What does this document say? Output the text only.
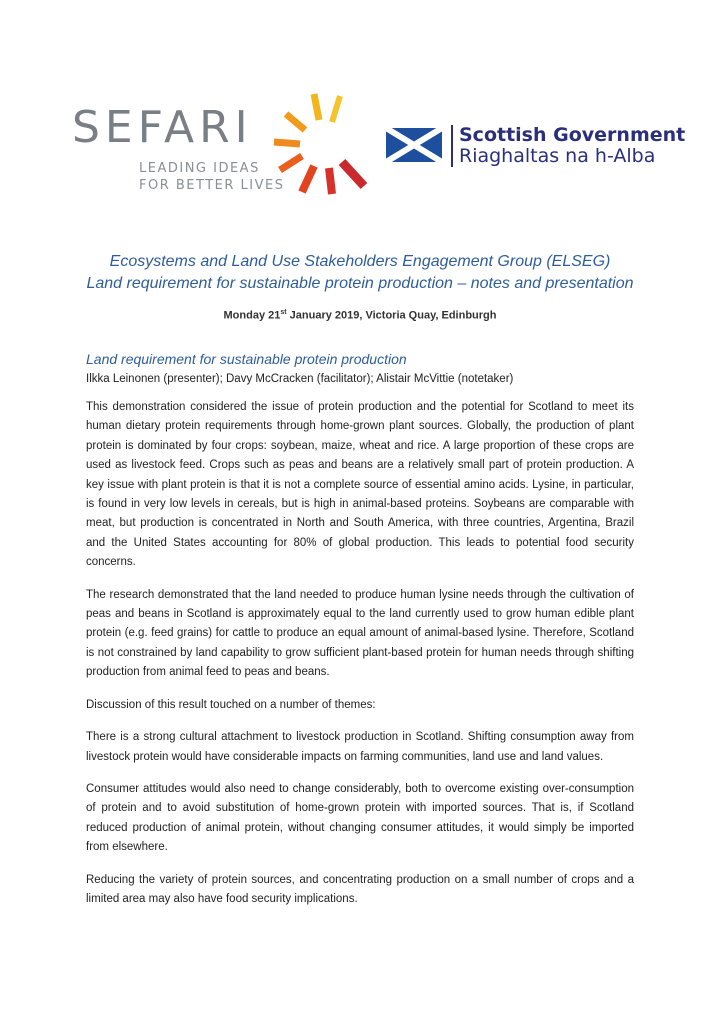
SEFARI
LEADING IDEAS
FOR BETTER LIVES
Scottish Government
Riaghaltas na h-Alba
Ecosystems and Land Use Stakeholders Engagement Group (ELSEG)
Land requirement for sustainable protein production – notes and presentation
Monday 21st January 2019, Victoria Quay, Edinburgh
Land requirement for sustainable protein production
Ilkka Leinonen (presenter); Davy McCracken (facilitator); Alistair McVittie (notetaker)

This demonstration considered the issue of protein production and the potential for Scotland to meet its human dietary protein requirements through home-grown plant sources. Globally, the production of plant protein is dominated by four crops: soybean, maize, wheat and rice. A large proportion of these crops are used as livestock feed. Crops such as peas and beans are a relatively small part of protein production. A key issue with plant protein is that it is not a complete source of essential amino acids. Lysine, in particular, is found in very low levels in cereals, but is high in animal-based proteins. Soybeans are comparable with meat, but production is concentrated in North and South America, with three countries, Argentina, Brazil and the United States accounting for 80% of global production. This leads to potential food security concerns.

The research demonstrated that the land needed to produce human lysine needs through the cultivation of peas and beans in Scotland is approximately equal to the land currently used to grow human edible plant protein (e.g. feed grains) for cattle to produce an equal amount of animal-based lysine. Therefore, Scotland is not constrained by land capability to grow sufficient plant-based protein for human needs through shifting production from animal feed to peas and beans.

Discussion of this result touched on a number of themes:

There is a strong cultural attachment to livestock production in Scotland. Shifting consumption away from livestock protein would have considerable impacts on farming communities, land use and land values.

Consumer attitudes would also need to change considerably, both to overcome existing over-consumption of protein and to avoid substitution of home-grown protein with imported sources. That is, if Scotland reduced production of animal protein, without changing consumer attitudes, it would simply be imported from elsewhere.

Reducing the variety of protein sources, and concentrating production on a small number of crops and a limited area may also have food security implications.
